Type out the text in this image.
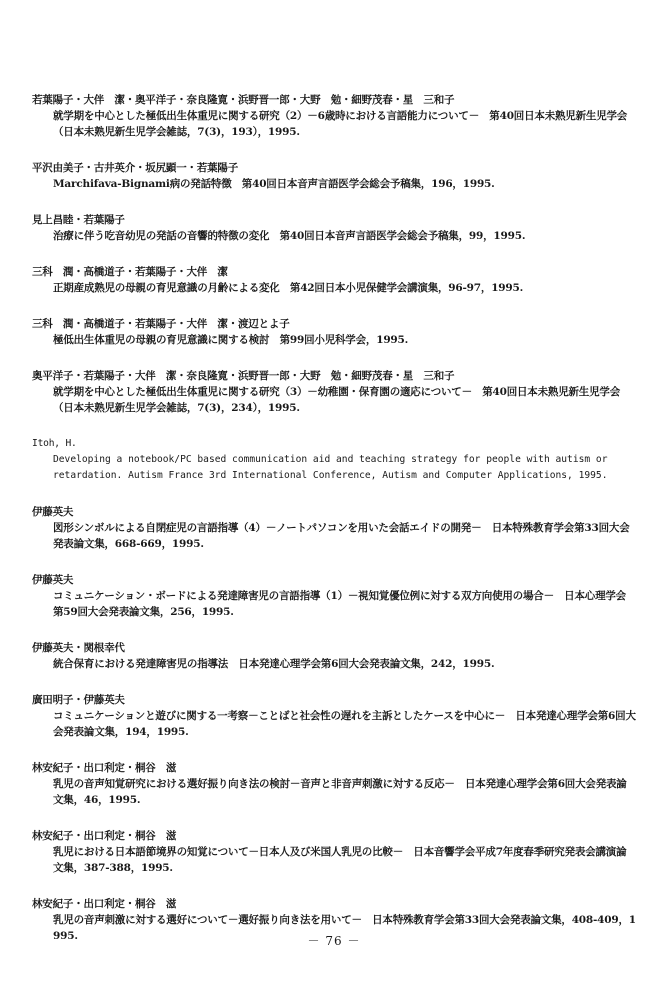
若葉陽子・大伴　潔・奥平洋子・奈良隆寛・浜野晋一郎・大野　勉・細野茂春・星　三和子
就学期を中心とした極低出生体重児に関する研究（2）－6歳時における言語能力について－　第40回日本未熟児新生児学会（日本未熟児新生児学会雑誌，7(3)，193），1995.
平沢由美子・古井英介・坂尻顕一・若葉陽子
Marchifava-Bignami病の発話特徴　第40回日本音声言語医学会総会予稿集，196，1995.
見上昌睦・若葉陽子
治療に伴う吃音幼児の発話の音響的特徴の変化　第40回日本音声言語医学会総会予稿集，99，1995.
三科　潤・高橋道子・若葉陽子・大伴　潔
正期産成熟児の母親の育児意識の月齢による変化　第42回日本小児保健学会講演集，96-97，1995.
三科　潤・高橋道子・若葉陽子・大伴　潔・渡辺とよ子
極低出生体重児の母親の育児意識に関する検討　第99回小児科学会，1995.
奥平洋子・若葉陽子・大伴　潔・奈良隆寛・浜野晋一郎・大野　勉・細野茂春・星　三和子
就学期を中心とした極低出生体重児に関する研究（3）－幼稚園・保育園の適応について－　第40回日本未熟児新生児学会（日本未熟児新生児学会雑誌，7(3)，234），1995.
Itoh, H.
Developing a notebook/PC based communication aid and teaching strategy for people with autism or retardation. Autism France 3rd International Conference, Autism and Computer Applications, 1995.
伊藤英夫
図形シンボルによる自閉症児の言語指導（4）－ノートパソコンを用いた会話エイドの開発－　日本特殊教育学会第33回大会発表論文集，668-669，1995.
伊藤英夫
コミュニケーション・ボードによる発達障害児の言語指導（1）－視知覚優位例に対する双方向使用の場合－　日本心理学会第59回大会発表論文集，256，1995.
伊藤英夫・関根幸代
統合保育における発達障害児の指導法　日本発達心理学会第6回大会発表論文集，242，1995.
廣田明子・伊藤英夫
コミュニケーションと遊びに関する一考察－ことばと社会性の遅れを主訴としたケースを中心に－　日本発達心理学会第6回大会発表論文集，194，1995.
林安紀子・出口利定・桐谷　滋
乳児の音声知覚研究における選好振り向き法の検討－音声と非音声刺激に対する反応－　日本発達心理学会第6回大会発表論文集，46，1995.
林安紀子・出口利定・桐谷　滋
乳児における日本語節境界の知覚について－日本人及び米国人乳児の比較－　日本音響学会平成7年度春季研究発表会講演論文集，387-388，1995.
林安紀子・出口利定・桐谷　滋
乳児の音声刺激に対する選好について－選好振り向き法を用いて－　日本特殊教育学会第33回大会発表論文集，408-409，1995.	－ 76 －
